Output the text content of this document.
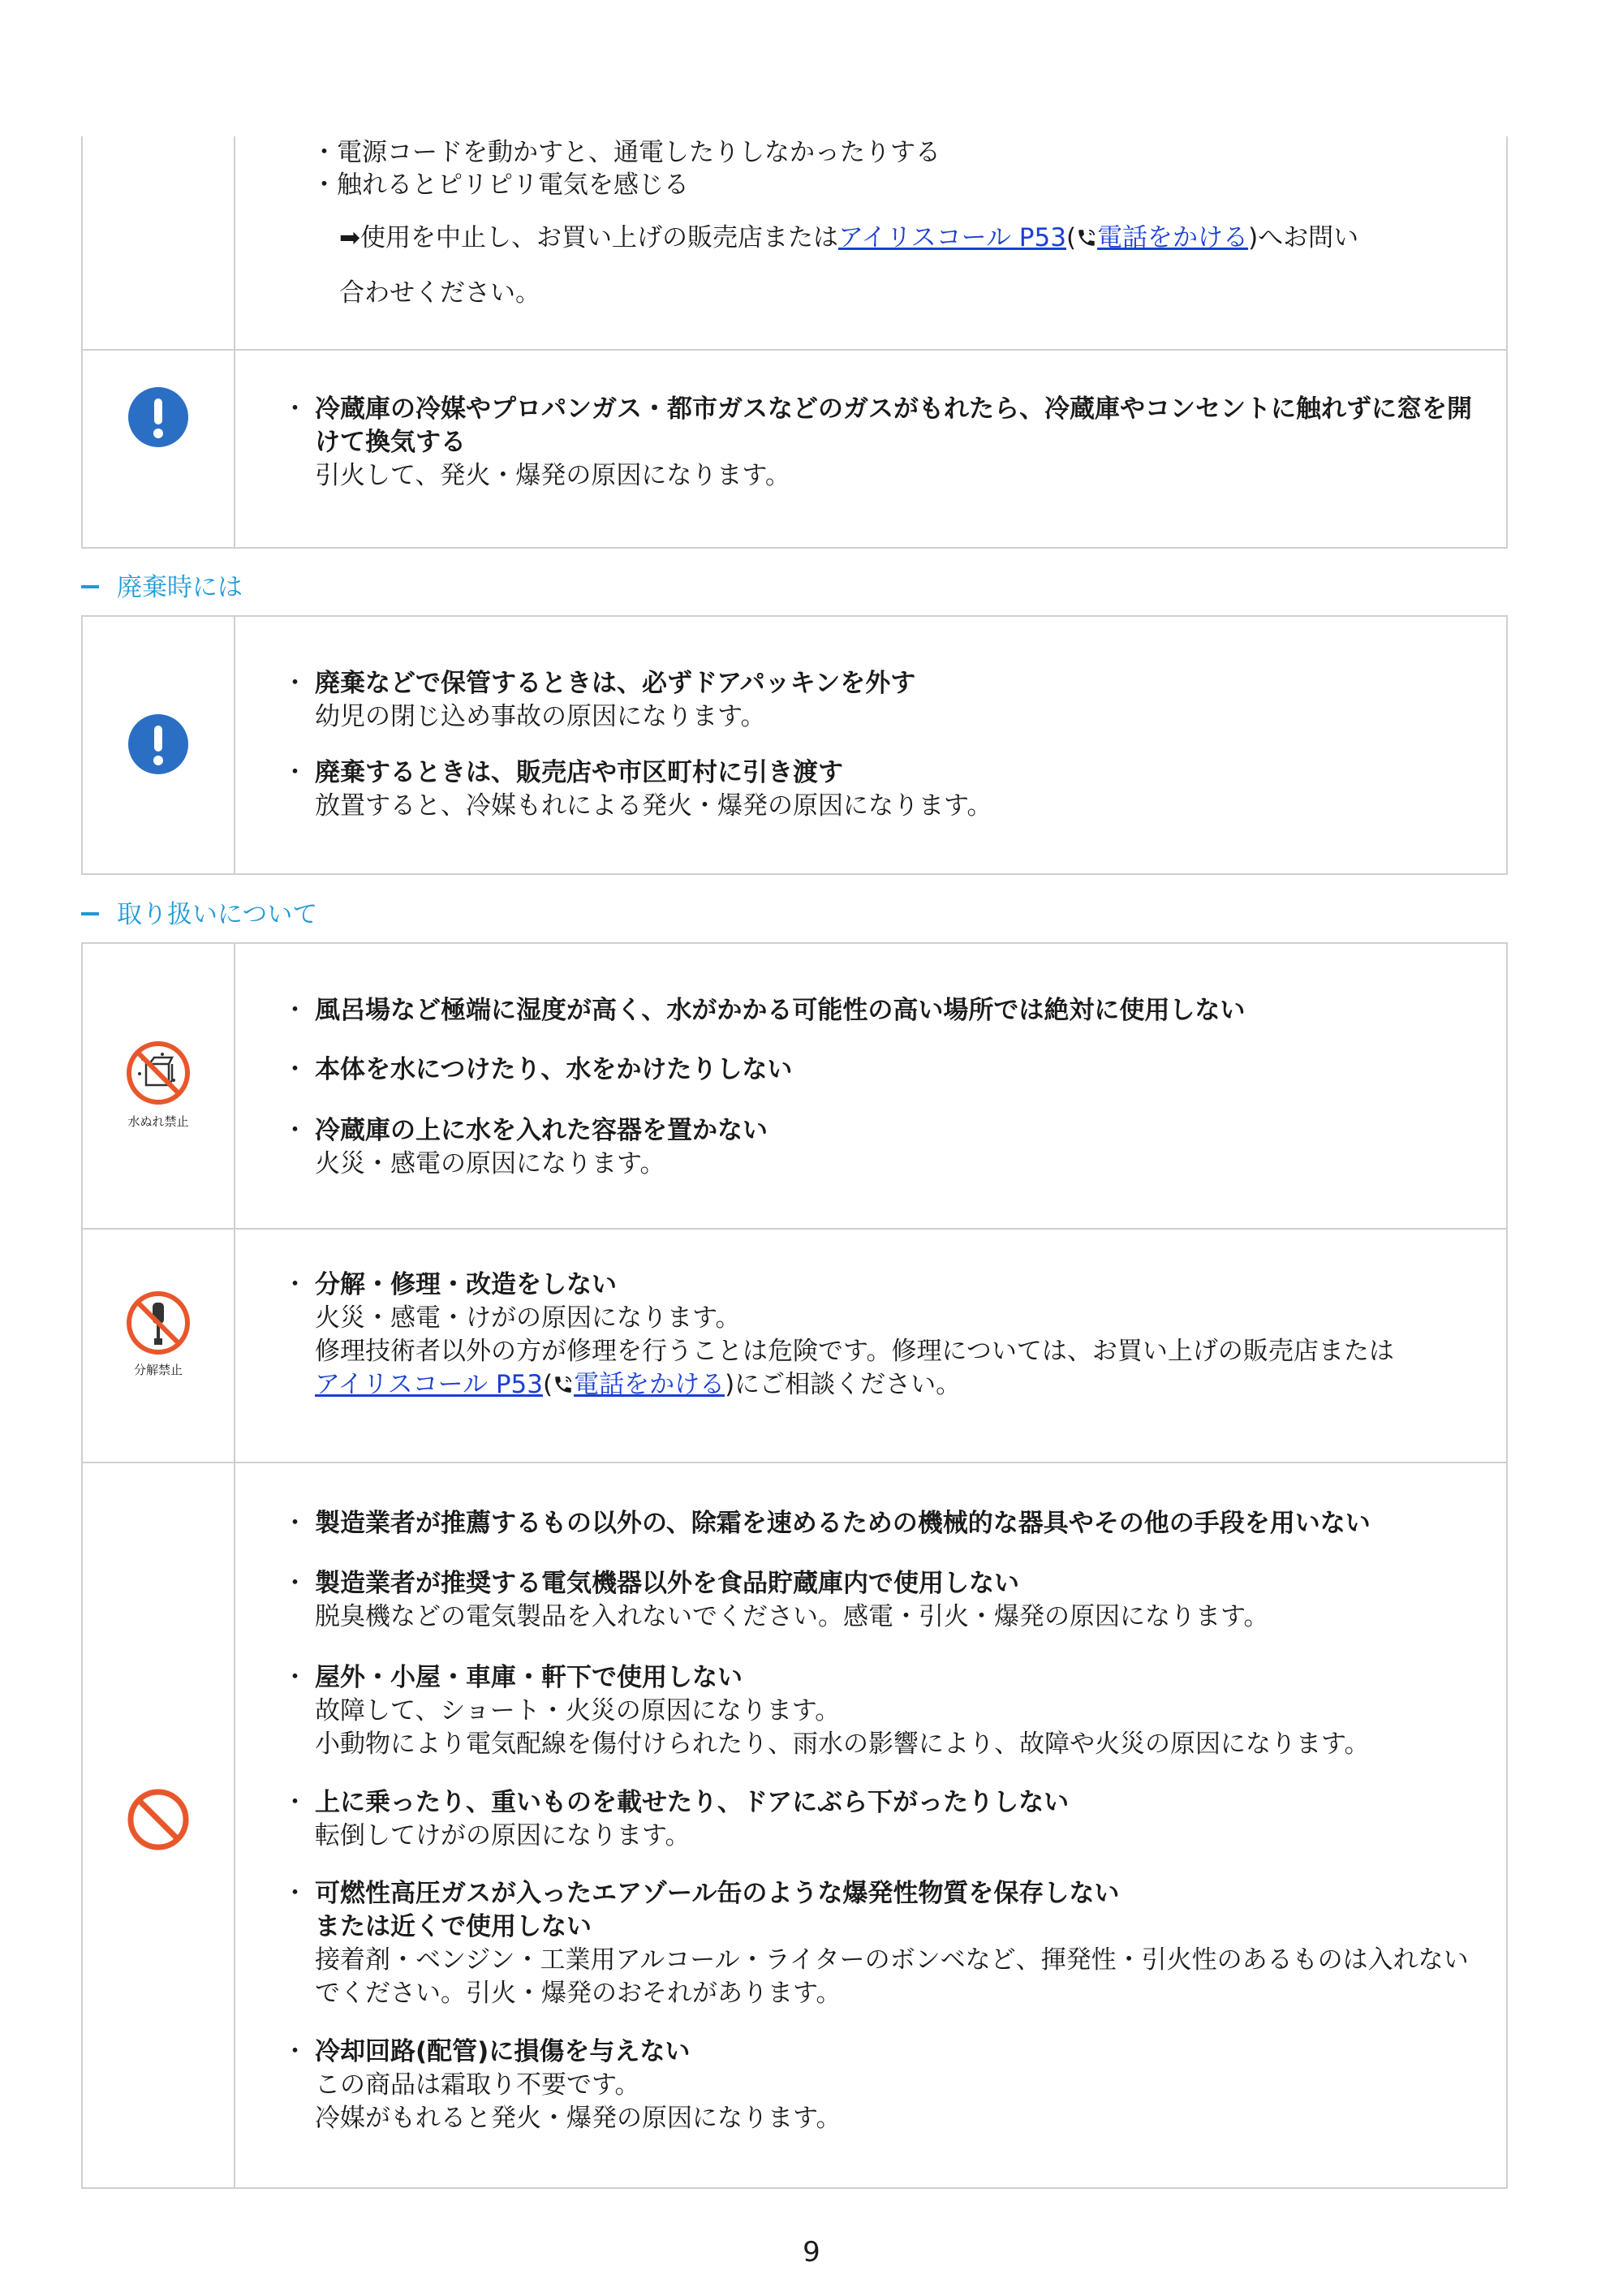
・電源コードを動かすと、通電したりしなかったりする
・触れるとピリピリ電気を感じる
➡使用を中止し、お買い上げの販売店またはアイリスコール P53( 電話をかける)へお問い
合わせください。
・ 冷蔵庫の冷媒やプロパンガス・都市ガスなどのガスがもれたら、冷蔵庫やコンセントに触れずに窓を開けて換気する
引火して、発火・爆発の原因になります。
廃棄時には
・ 廃棄などで保管するときは、必ずドアパッキンを外す
幼児の閉じ込め事故の原因になります。
・ 廃棄するときは、販売店や市区町村に引き渡す
放置すると、冷媒もれによる発火・爆発の原因になります。
取り扱いについて
水ぬれ禁止
・ 風呂場など極端に湿度が高く、水がかかる可能性の高い場所では絶対に使用しない
・ 本体を水につけたり、水をかけたりしない
・ 冷蔵庫の上に水を入れた容器を置かない
火災・感電の原因になります。
分解禁止
・ 分解・修理・改造をしない
火災・感電・けがの原因になります。
修理技術者以外の方が修理を行うことは危険です。修理については、お買い上げの販売店または
アイリスコール P53( 電話をかける)にご相談ください。
・ 製造業者が推薦するもの以外の、除霜を速めるための機械的な器具やその他の手段を用いない
・ 製造業者が推奨する電気機器以外を食品貯蔵庫内で使用しない
脱臭機などの電気製品を入れないでください。感電・引火・爆発の原因になります。
・ 屋外・小屋・車庫・軒下で使用しない
故障して、ショート・火災の原因になります。
小動物により電気配線を傷付けられたり、雨水の影響により、故障や火災の原因になります。
・ 上に乗ったり、重いものを載せたり、ドアにぶら下がったりしない
転倒してけがの原因になります。
・ 可燃性高圧ガスが入ったエアゾール缶のような爆発性物質を保存しない
または近くで使用しない
接着剤・ベンジン・工業用アルコール・ライターのボンベなど、揮発性・引火性のあるものは入れないでください。引火・爆発のおそれがあります。
・ 冷却回路(配管)に損傷を与えない
この商品は霜取り不要です。
冷媒がもれると発火・爆発の原因になります。
9
